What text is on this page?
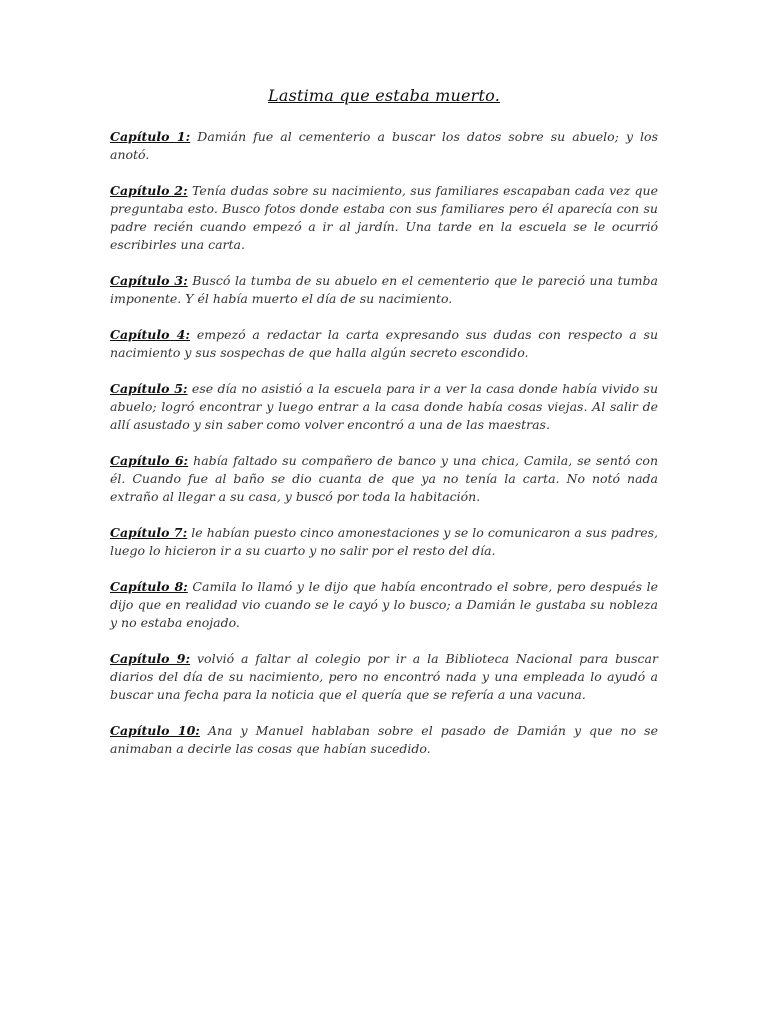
Lastima que estaba muerto.

Capítulo 1: Damián fue al cementerio a buscar los datos sobre su abuelo; y los anotó.

Capítulo 2: Tenía dudas sobre su nacimiento, sus familiares escapaban cada vez que preguntaba esto. Busco fotos donde estaba con sus familiares pero él aparecía con su padre recién cuando empezó a ir al jardín. Una tarde en la escuela se le ocurrió escribirles una carta.

Capítulo 3: Buscó la tumba de su abuelo en el cementerio que le pareció una tumba imponente. Y él había muerto el día de su nacimiento.

Capítulo 4: empezó a redactar la carta expresando sus dudas con respecto a su nacimiento y sus sospechas de que halla algún secreto escondido.

Capítulo 5: ese día no asistió a la escuela para ir a ver la casa donde había vivido su abuelo; logró encontrar y luego entrar a la casa donde había cosas viejas. Al salir de allí asustado y sin saber como volver encontró a una de las maestras.

Capítulo 6: había faltado su compañero de banco y una chica, Camila, se sentó con él. Cuando fue al baño se dio cuanta de que ya no tenía la carta. No notó nada extraño al llegar a su casa, y buscó por toda la habitación.

Capítulo 7: le habían puesto cinco amonestaciones y se lo comunicaron a sus padres, luego lo hicieron ir a su cuarto y no salir por el resto del día.

Capítulo 8: Camila lo llamó y le dijo que había encontrado el sobre, pero después le dijo que en realidad vio cuando se le cayó y lo busco; a Damián le gustaba su nobleza y no estaba enojado.

Capítulo 9: volvió a faltar al colegio por ir a la Biblioteca Nacional para buscar diarios del día de su nacimiento, pero no encontró nada y una empleada lo ayudó a buscar una fecha para la noticia que el quería que se refería a una vacuna.

Capítulo 10: Ana y Manuel hablaban sobre el pasado de Damián y que no se animaban a decirle las cosas que habían sucedido.
